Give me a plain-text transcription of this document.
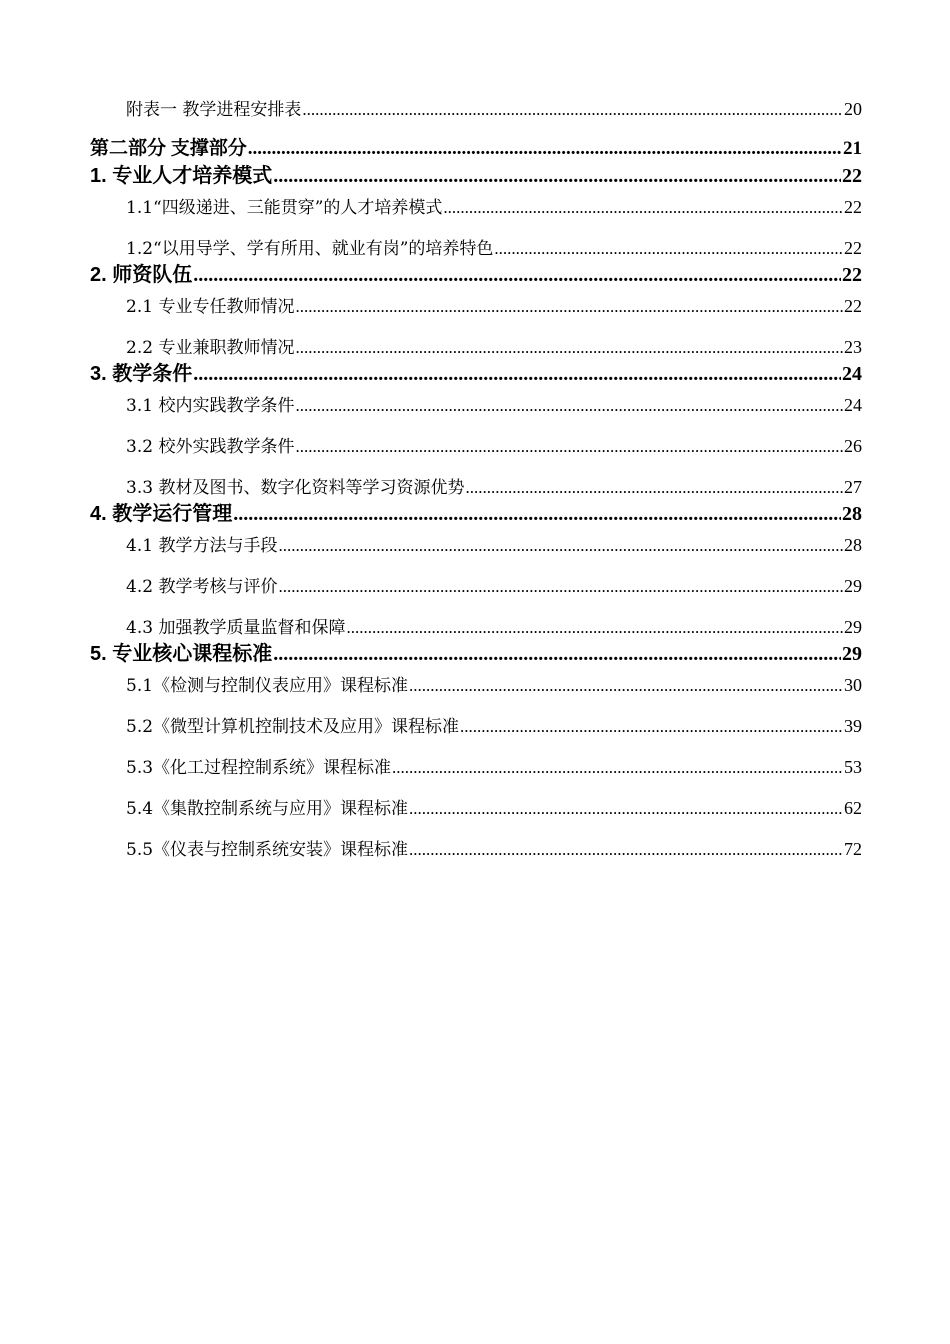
附表一 教学进程安排表 .....	20
第二部分 支撑部分 .....	21
1. 专业人才培养模式 .....	22
1.1“四级递进、三能贯穿”的人才培养模式 .....	22
1.2“以用导学、学有所用、就业有岗”的培养特色 .....	22
2. 师资队伍 .....	22
2.1 专业专任教师情况 .....	22
2.2 专业兼职教师情况 .....	23
3. 教学条件 .....	24
3.1 校内实践教学条件 .....	24
3.2 校外实践教学条件 .....	26
3.3 教材及图书、数字化资料等学习资源优势 .....	27
4. 教学运行管理 .....	28
4.1 教学方法与手段 .....	28
4.2 教学考核与评价 .....	29
4.3 加强教学质量监督和保障 .....	29
5. 专业核心课程标准 .....	29
5.1《检测与控制仪表应用》课程标准 .....	30
5.2《微型计算机控制技术及应用》课程标准 .....	39
5.3《化工过程控制系统》课程标准 .....	53
5.4《集散控制系统与应用》课程标准 .....	62
5.5《仪表与控制系统安装》课程标准 .....	72
